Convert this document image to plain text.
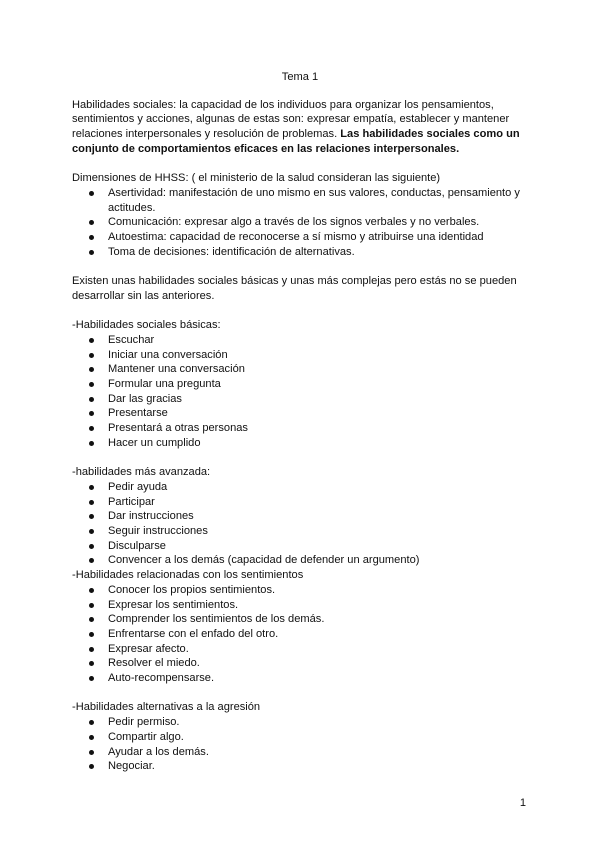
Tema 1

Habilidades sociales: la capacidad de los individuos para organizar los pensamientos, sentimientos y acciones, algunas de estas son: expresar empatía, establecer y mantener relaciones interpersonales y resolución de problemas. Las habilidades sociales como un conjunto de comportamientos eficaces en las relaciones interpersonales.

Dimensiones de HHSS: ( el ministerio de la salud consideran las siguiente)

Asertividad: manifestación de uno mismo en sus valores, conductas, pensamiento y actitudes.
Comunicación: expresar algo a través de los signos verbales y no verbales.
Autoestima: capacidad de reconocerse a sí mismo y atribuirse una identidad
Toma de decisiones: identificación de alternativas.

Existen unas habilidades sociales básicas y unas más complejas pero estás no se pueden desarrollar sin las anteriores.

-Habilidades sociales básicas:

Escuchar
Iniciar una conversación
Mantener una conversación
Formular una pregunta
Dar las gracias
Presentarse
Presentará a otras personas
Hacer un cumplido

-habilidades más avanzada:

Pedir ayuda
Participar
Dar instrucciones
Seguir instrucciones
Disculparse
Convencer a los demás (capacidad de defender un argumento)

-Habilidades relacionadas con los sentimientos

Conocer los propios sentimientos.
Expresar los sentimientos.
Comprender los sentimientos de los demás.
Enfrentarse con el enfado del otro.
Expresar afecto.
Resolver el miedo.
Auto-recompensarse.

-Habilidades alternativas a la agresión

Pedir permiso.
Compartir algo.
Ayudar a los demás.
Negociar.
1
